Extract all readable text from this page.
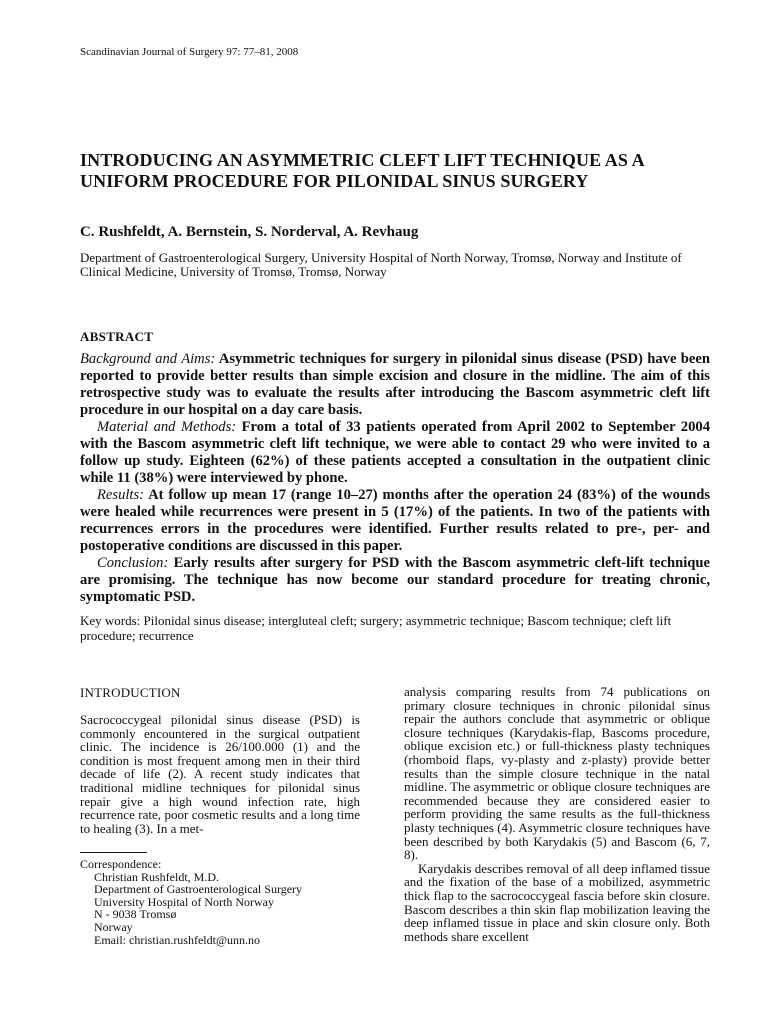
Scandinavian Journal of Surgery 97: 77–81, 2008
INTRODUCING AN ASYMMETRIC CLEFT LIFT TECHNIQUE AS A UNIFORM PROCEDURE FOR PILONIDAL SINUS SURGERY
C. Rushfeldt, A. Bernstein, S. Norderval, A. Revhaug
Department of Gastroenterological Surgery, University Hospital of North Norway, Tromsø, Norway and Institute of Clinical Medicine, University of Tromsø, Tromsø, Norway
ABSTRACT

Background and Aims: Asymmetric techniques for surgery in pilonidal sinus disease (PSD) have been reported to provide better results than simple excision and closure in the midline. The aim of this retrospective study was to evaluate the results after introducing the Bascom asymmetric cleft lift procedure in our hospital on a day care basis.

Material and Methods: From a total of 33 patients operated from April 2002 to September 2004 with the Bascom asymmetric cleft lift technique, we were able to contact 29 who were invited to a follow up study. Eighteen (62%) of these patients accepted a consultation in the outpatient clinic while 11 (38%) were interviewed by phone.

Results: At follow up mean 17 (range 10–27) months after the operation 24 (83%) of the wounds were healed while recurrences were present in 5 (17%) of the patients. In two of the patients with recurrences errors in the procedures were identified. Further results related to pre-, per- and postoperative conditions are discussed in this paper.

Conclusion: Early results after surgery for PSD with the Bascom asymmetric cleft-lift technique are promising. The technique has now become our standard procedure for treating chronic, symptomatic PSD.

Key words: Pilonidal sinus disease; intergluteal cleft; surgery; asymmetric technique; Bascom technique; cleft lift procedure; recurrence
INTRODUCTION
Sacrococcygeal pilonidal sinus disease (PSD) is commonly encountered in the surgical outpatient clinic. The incidence is 26/100.000 (1) and the condition is most frequent among men in their third decade of life (2). A recent study indicates that traditional midline techniques for pilonidal sinus repair give a high wound infection rate, high recurrence rate, poor cosmetic results and a long time to healing (3). In a met-
Correspondence:
Christian Rushfeldt, M.D.
Department of Gastroenterological Surgery
University Hospital of North Norway
N - 9038 Tromsø
Norway
Email: christian.rushfeldt@unn.no

analysis comparing results from 74 publications on primary closure techniques in chronic pilonidal sinus repair the authors conclude that asymmetric or oblique closure techniques (Karydakis-flap, Bascoms procedure, oblique excision etc.) or full-thickness plasty techniques (rhomboid flaps, vy-plasty and z-plasty) provide better results than the simple closure technique in the natal midline. The asymmetric or oblique closure techniques are recommended because they are considered easier to perform providing the same results as the full-thickness plasty techniques (4). Asymmetric closure techniques have been described by both Karydakis (5) and Bascom (6, 7, 8).

Karydakis describes removal of all deep inflamed tissue and the fixation of the base of a mobilized, asymmetric thick flap to the sacrococcygeal fascia before skin closure. Bascom describes a thin skin flap mobilization leaving the deep inflamed tissue in place and skin closure only. Both methods share excellent
